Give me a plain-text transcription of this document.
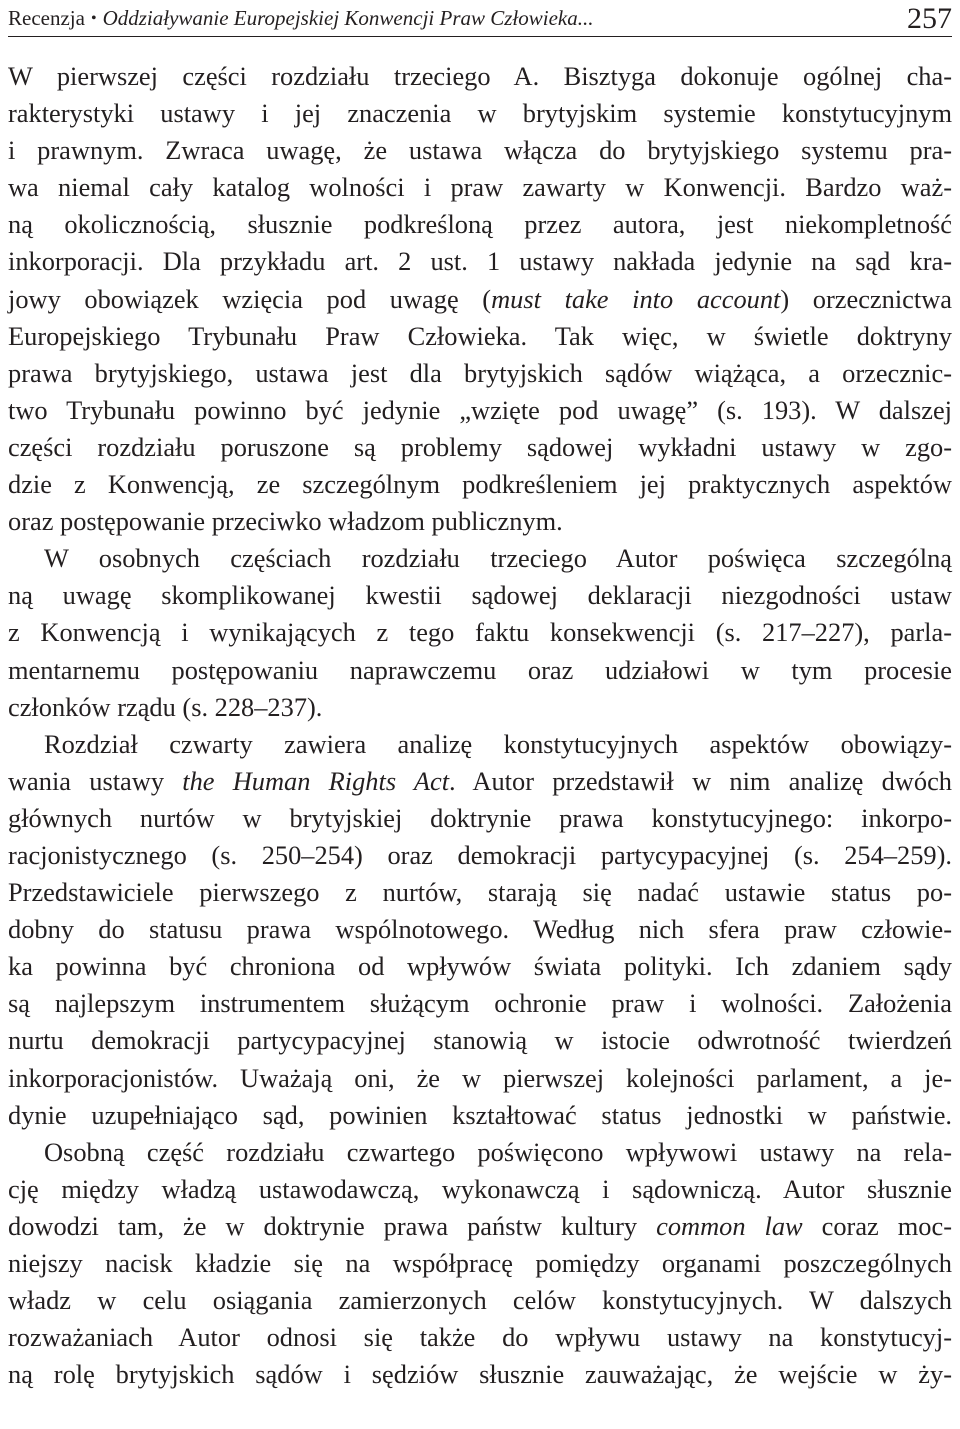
Recenzja • Oddziaływanie Europejskiej Konwencji Praw Człowieka...	257
W pierwszej części rozdziału trzeciego A. Bisztyga dokonuje ogólnej cha-
rakterystyki ustawy i jej znaczenia w brytyjskim systemie konstytucyjnym
i prawnym. Zwraca uwagę, że ustawa włącza do brytyjskiego systemu pra-
wa niemal cały katalog wolności i praw zawarty w Konwencji. Bardzo waż-
ną okolicznością, słusznie podkreśloną przez autora, jest niekompletność
inkorporacji. Dla przykładu art. 2 ust. 1 ustawy nakłada jedynie na sąd kra-
jowy obowiązek wzięcia pod uwagę (must take into account) orzecznictwa
Europejskiego Trybunału Praw Człowieka. Tak więc, w świetle doktryny
prawa brytyjskiego, ustawa jest dla brytyjskich sądów wiążąca, a orzecznic-
two Trybunału powinno być jedynie „wzięte pod uwagę” (s. 193). W dalszej
części rozdziału poruszone są problemy sądowej wykładni ustawy w zgo-
dzie z Konwencją, ze szczególnym podkreśleniem jej praktycznych aspektów
oraz postępowanie przeciwko władzom publicznym.
W osobnych częściach rozdziału trzeciego Autor poświęca szczególną
ną uwagę skomplikowanej kwestii sądowej deklaracji niezgodności ustaw
z Konwencją i wynikających z tego faktu konsekwencji (s. 217–227), parla-
mentarnemu postępowaniu naprawczemu oraz udziałowi w tym procesie
członków rządu (s. 228–237).
Rozdział czwarty zawiera analizę konstytucyjnych aspektów obowiązy-
wania ustawy the Human Rights Act. Autor przedstawił w nim analizę dwóch
głównych nurtów w brytyjskiej doktrynie prawa konstytucyjnego: inkorpo-
racjonistycznego (s. 250–254) oraz demokracji partycypacyjnej (s. 254–259).
Przedstawiciele pierwszego z nurtów, starają się nadać ustawie status po-
dobny do statusu prawa wspólnotowego. Według nich sfera praw człowie-
ka powinna być chroniona od wpływów świata polityki. Ich zdaniem sądy
są najlepszym instrumentem służącym ochronie praw i wolności. Założenia
nurtu demokracji partycypacyjnej stanowią w istocie odwrotność twierdzeń
inkorporacjonistów. Uważają oni, że w pierwszej kolejności parlament, a je-
dynie uzupełniająco sąd, powinien kształtować status jednostki w państwie.
Osobną część rozdziału czwartego poświęcono wpływowi ustawy na rela-
cję między władzą ustawodawczą, wykonawczą i sądowniczą. Autor słusznie
dowodzi tam, że w doktrynie prawa państw kultury common law coraz moc-
niejszy nacisk kładzie się na współpracę pomiędzy organami poszczególnych
władz w celu osiągania zamierzonych celów konstytucyjnych. W dalszych
rozważaniach Autor odnosi się także do wpływu ustawy na konstytucyj-
ną rolę brytyjskich sądów i sędziów słusznie zauważając, że wejście w ży-
